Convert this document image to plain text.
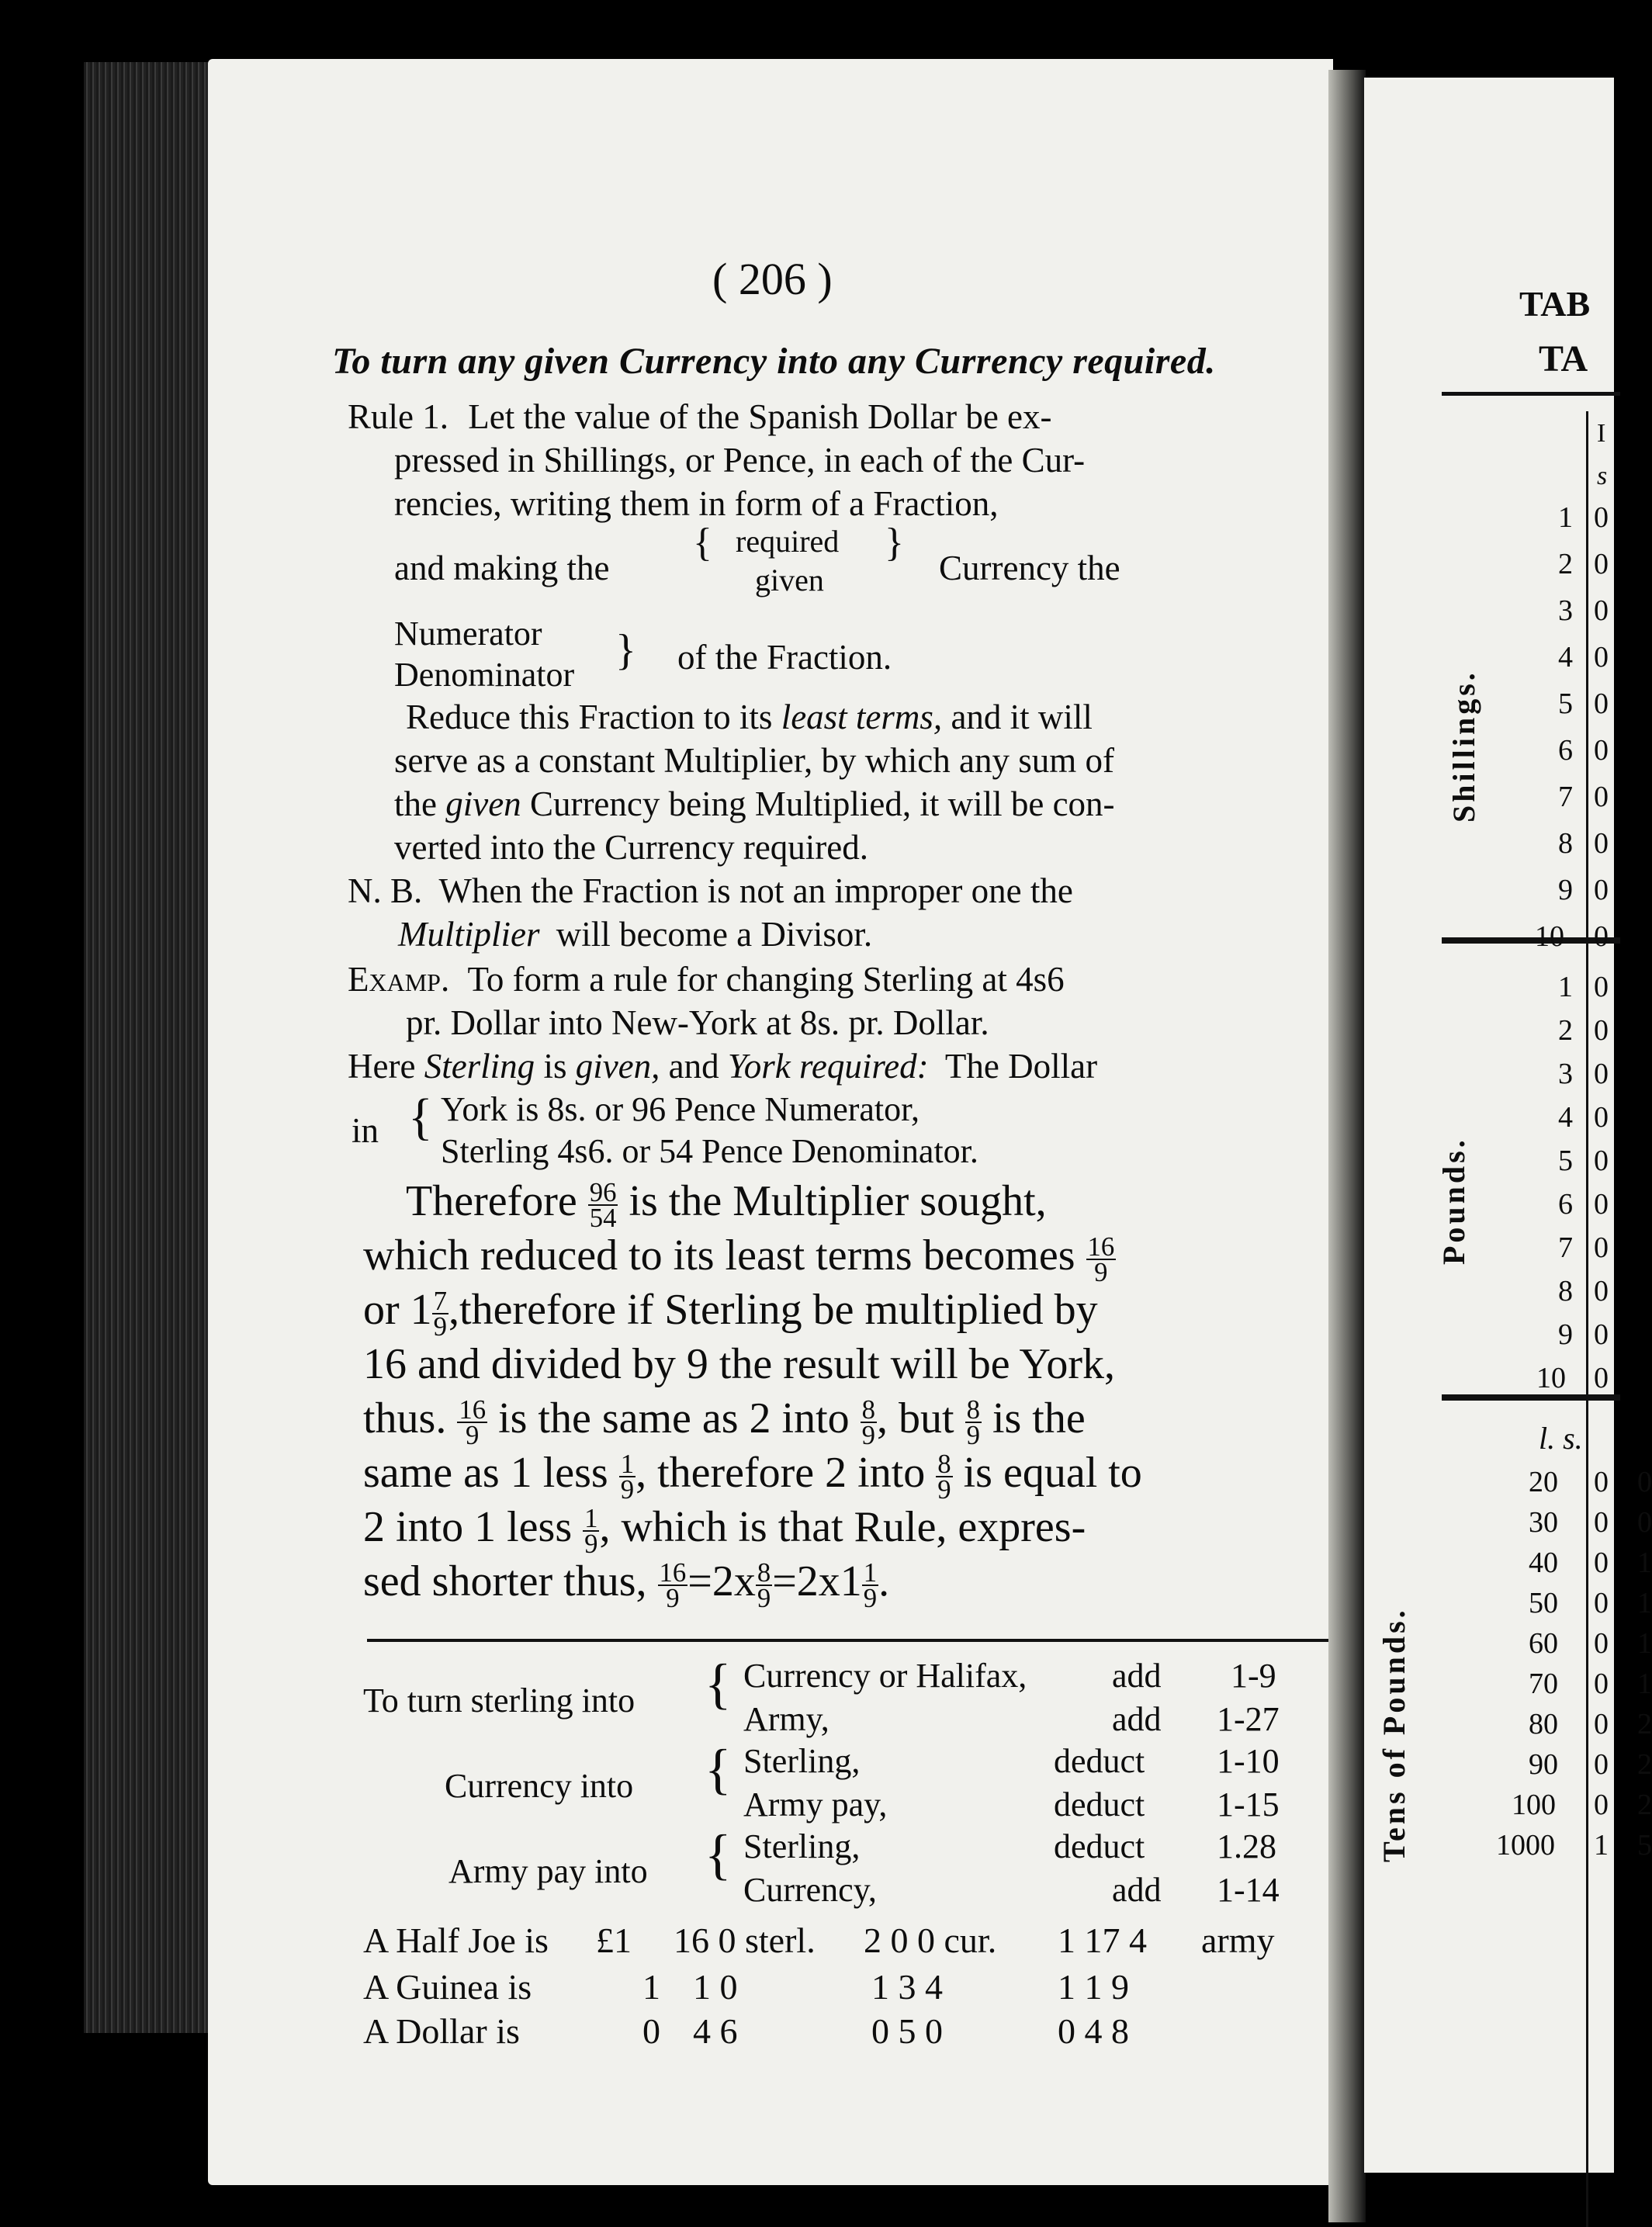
( 206 )
To turn any given Currency into any Currency required.
Rule 1. Let the value of the Spanish Dollar be ex-
pressed in Shillings, or Pence, in each of the Cur-
rencies, writing them in form of a Fraction,
and making the
{ required
given
}
Currency the
Numerator
Denominator
} of the Fraction.
Reduce this Fraction to its least terms, and it will
serve as a constant Multiplier, by which any sum of
the given Currency being Multiplied, it will be con-
verted into the Currency required.
N. B. When the Fraction is not an improper one the
Multiplier will become a Divisor.
Examp. To form a rule for changing Sterling at 4s6
pr. Dollar into New-York at 8s. pr. Dollar.
Here Sterling is given, and York required: The Dollar
in { York is 8s. or 96 Pence Numerator,
Sterling 4s6. or 54 Pence Denominator.
Therefore $\frac{96}{54}$ is the Multiplier sought,
which reduced to its least terms becomes $\frac{16}{9}$
or $1 \frac{7}{9}$ ,therefore if Sterling be multiplied by
16 and divided by 9 the result will be York,
thus. $\frac{16}{9}$ is the same as 2 into $\frac{8}{9}$ , but $\frac{8}{9}$ is the
same as 1 less $\frac{1}{9}$ , therefore 2 into $\frac{8}{9}$ is equal to
2 into 1 less $\frac{1}{9}$ , which is that Rule, expres-
sed shorter thus, $\frac{16}{9} =2x \frac{8}{9} =2x1 \frac{1}{9}$ .
To turn sterling into { Currency or Halifax, add 1-9
Army,	add 1-27
Currency into { Sterling,	deduct 1-10
Army pay,	deduct 1-15
Army pay into { Sterling,	deduct 1.28
Currency,	add 1-14
A Half Joe is £1 16 0 sterl. 2 0 0 cur. 1 17 4 army
A Guinea is	1 1 0	1 3 4	1 1 9
A Dollar is	0 4 6	0 5 0	0 4 8
TAB
TA
I
s
Shillings.
Pounds.
Tens of Pounds.
l. s.
1 0
2 0
3 0
4 0
5 0
6 0
7 0
8 0
9 0
10 0
1 0
2 0
3 0
4 0
5 0
6 0
7 0
8 0
9 0
10 0
20 0 0
30 0 0
40 0 1
50 0 1
60 0 1
70 0 1
80 0 2
90 0 2
100 0 2
1000 1 5
